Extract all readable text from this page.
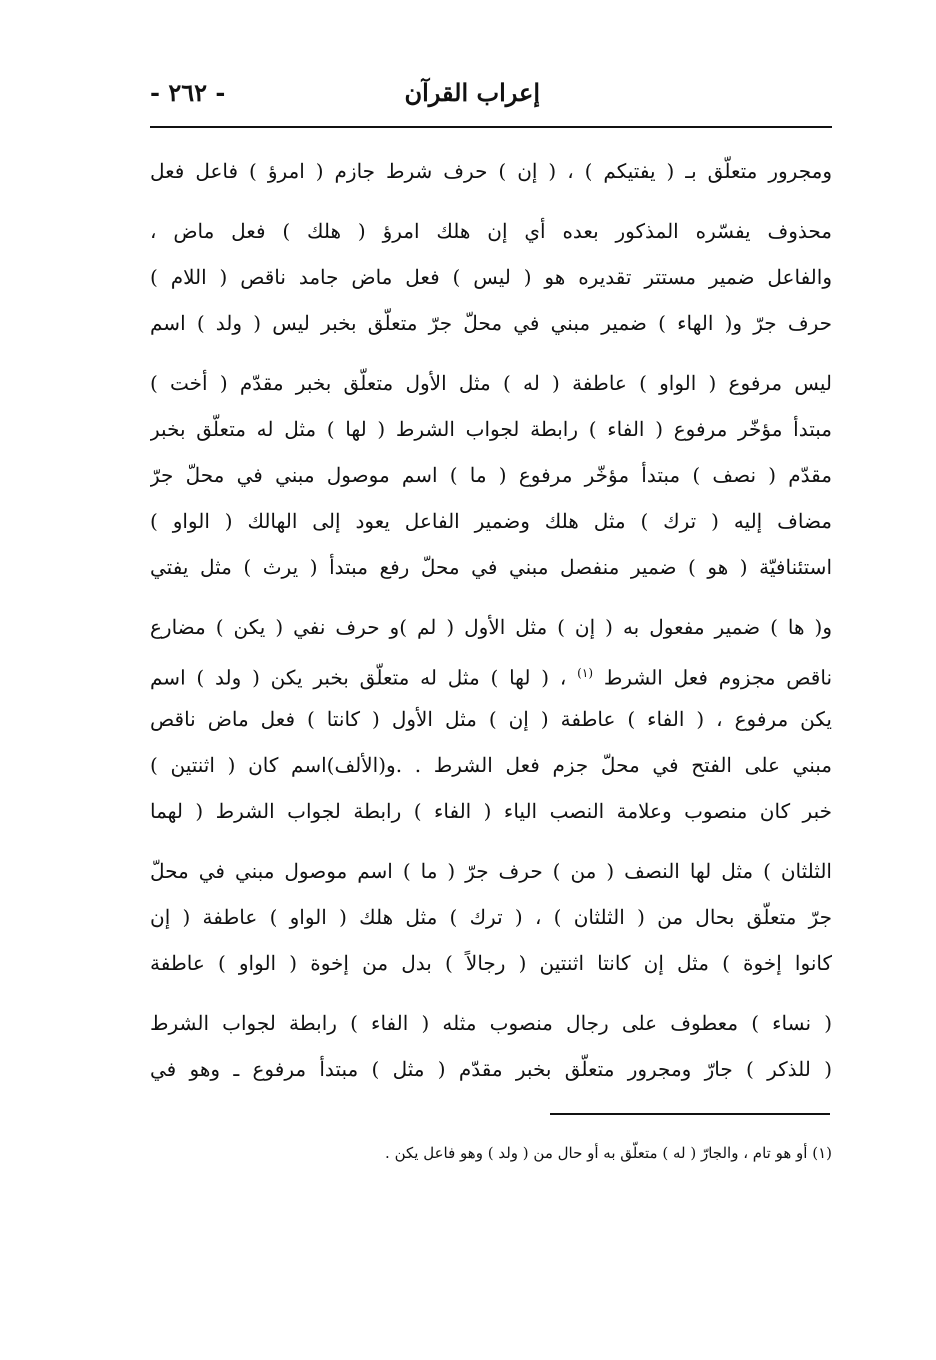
- ٢٦٢ -	إعراب القرآن

ومجرور متعلّق بـ ( يفتيكم ) ، ( إن ) حرف شرط جازم ( امرؤ ) فاعل فعل

محذوف يفسّره المذكور بعده أي إن هلك امرؤ ( هلك ) فعل ماض ،

والفاعل ضمير مستتر تقديره هو ( ليس ) فعل ماض جامد ناقص ( اللام )

حرف جرّ و( الهاء ) ضمير مبني في محلّ جرّ متعلّق بخبر ليس ( ولد ) اسم

ليس مرفوع ( الواو ) عاطفة ( له ) مثل الأول متعلّق بخبر مقدّم ( أخت )

مبتدأ مؤخّر مرفوع ( الفاء ) رابطة لجواب الشرط ( لها ) مثل له متعلّق بخبر

مقدّم ( نصف ) مبتدأ مؤخّر مرفوع ( ما ) اسم موصول مبني في محلّ جرّ

مضاف إليه ( ترك ) مثل هلك وضمير الفاعل يعود إلى الهالك ( الواو )

استئنافيّة ( هو ) ضمير منفصل مبني في محلّ رفع مبتدأ ( يرث ) مثل يفتي

و( ها ) ضمير مفعول به ( إن ) مثل الأول ( لم )و حرف نفي ( يكن ) مضارع

ناقص مجزوم فعل الشرط $^{(١)}$ ، ( لها ) مثل له متعلّق بخبر يكن ( ولد ) اسم

يكن مرفوع ، ( الفاء ) عاطفة ( إن ) مثل الأول ( كانتا ) فعل ماض ناقص

مبني على الفتح في محلّ جزم فعل الشرط . .و(الألف)اسم كان ( اثنتين )

خبر كان منصوب وعلامة النصب الياء ( الفاء ) رابطة لجواب الشرط ( لهما

الثلثان ) مثل لها النصف ( من ) حرف جرّ ( ما ) اسم موصول مبني في محلّ

جرّ متعلّق بحال من ( الثلثان ) ، ( ترك ) مثل هلك ( الواو ) عاطفة ( إن

كانوا إخوة ) مثل إن كانتا اثنتين ( رجالاً ) بدل من إخوة ( الواو ) عاطفة

( نساء ) معطوف على رجال منصوب مثله ( الفاء ) رابطة لجواب الشرط

( للذكر ) جارّ ومجرور متعلّق بخبر مقدّم ( مثل ) مبتدأ مرفوع ـ وهو في

(١) أو هو تام ، والجارّ ( له ) متعلّق به أو حال من ( ولد ) وهو فاعل يكن .
